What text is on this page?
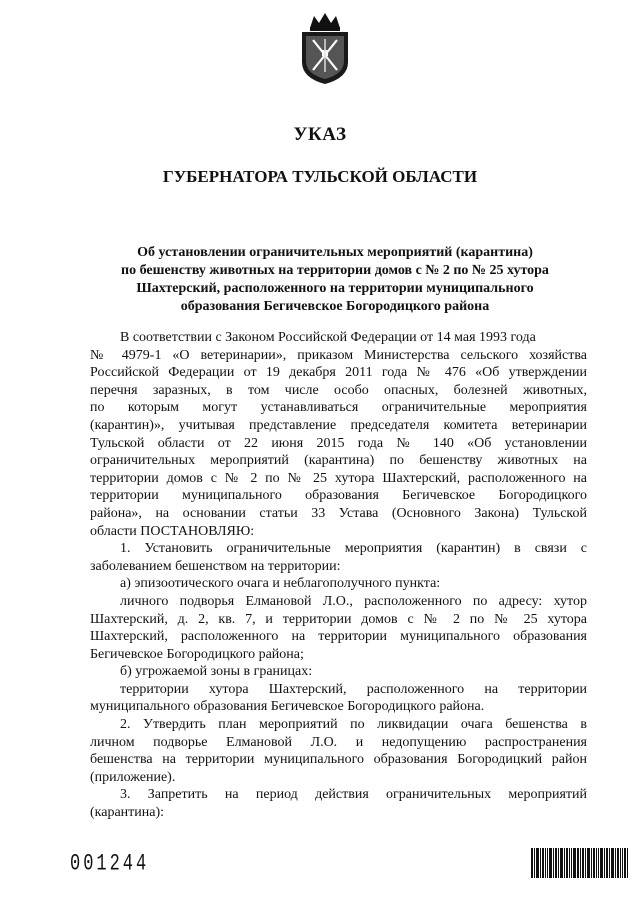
УКАЗ
ГУБЕРНАТОРА ТУЛЬСКОЙ ОБЛАСТИ
Об установлении ограничительных мероприятий (карантина)
по бешенству животных на территории домов с № 2 по № 25 хутора
Шахтерский, расположенного на территории муниципального
образования Бегичевское Богородицкого района
В соответствии с Законом Российской Федерации от 14 мая 1993 года
№ 4979-1 «О ветеринарии», приказом Министерства сельского хозяйства
Российской Федерации от 19 декабря 2011 года № 476 «Об утверждении
перечня заразных, в том числе особо опасных, болезней животных,
по которым могут устанавливаться ограничительные мероприятия
(карантин)», учитывая представление председателя комитета ветеринарии
Тульской области от 22 июня 2015 года № 140 «Об установлении
ограничительных мероприятий (карантина) по бешенству животных на
территории домов с № 2 по № 25 хутора Шахтерский, расположенного на
территории муниципального образования Бегичевское Богородицкого
района», на основании статьи 33 Устава (Основного Закона) Тульской
области ПОСТАНОВЛЯЮ:
1. Установить ограничительные мероприятия (карантин) в связи с
заболеванием бешенством на территории:
а) эпизоотического очага и неблагополучного пункта:
личного подворья Елмановой Л.О., расположенного по адресу: хутор
Шахтерский, д. 2, кв. 7, и территории домов с № 2 по № 25 хутора
Шахтерский, расположенного на территории муниципального образования
Бегичевское Богородицкого района;
б) угрожаемой зоны в границах:
территории хутора Шахтерский, расположенного на территории
муниципального образования Бегичевское Богородицкого района.
2. Утвердить план мероприятий по ликвидации очага бешенства в
личном подворье Елмановой Л.О. и недопущению распространения
бешенства на территории муниципального образования Богородицкий район
(приложение).
3. Запретить на период действия ограничительных мероприятий
(карантина):
001244
